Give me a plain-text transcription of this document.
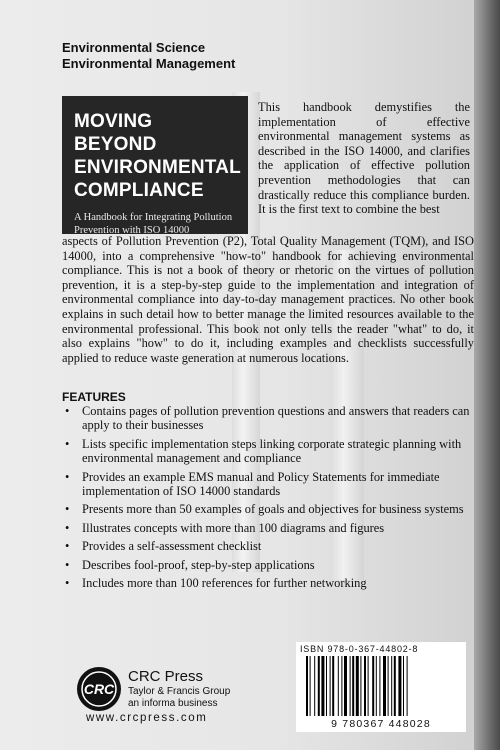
Environmental Science
Environmental Management
MOVING BEYOND ENVIRONMENTAL COMPLIANCE
A Handbook for Integrating Pollution Prevention with ISO 14000
This handbook demystifies the implementation of effective environmental management systems as described in the ISO 14000, and clarifies the application of effective pollution prevention methodologies that can drastically reduce this compliance burden. It is the first text to combine the best
aspects of Pollution Prevention (P2), Total Quality Management (TQM), and ISO 14000, into a comprehensive "how-to" handbook for achieving environmental compliance. This is not a book of theory or rhetoric on the virtues of pollution prevention, it is a step-by-step guide to the implementation and integration of environmental compliance into day-to-day management practices. No other book explains in such detail how to better manage the limited resources available to the environmental professional. This book not only tells the reader "what" to do, it also explains "how" to do it, including examples and checklists successfully applied to reduce waste generation at numerous locations.
FEATURES
• Contains pages of pollution prevention questions and answers that readers can apply to their businesses
• Lists specific implementation steps linking corporate strategic planning with environmental management and compliance
• Provides an example EMS manual and Policy Statements for immediate implementation of ISO 14000 standards
• Presents more than 50 examples of goals and objectives for business systems
• Illustrates concepts with more than 100 diagrams and figures
• Provides a self-assessment checklist
• Describes fool-proof, step-by-step applications
• Includes more than 100 references for further networking
CRC
CRC Press
Taylor & Francis Group
an informa business
www.crcpress.com
ISBN 978-0-367-44802-8
9 780367 448028
